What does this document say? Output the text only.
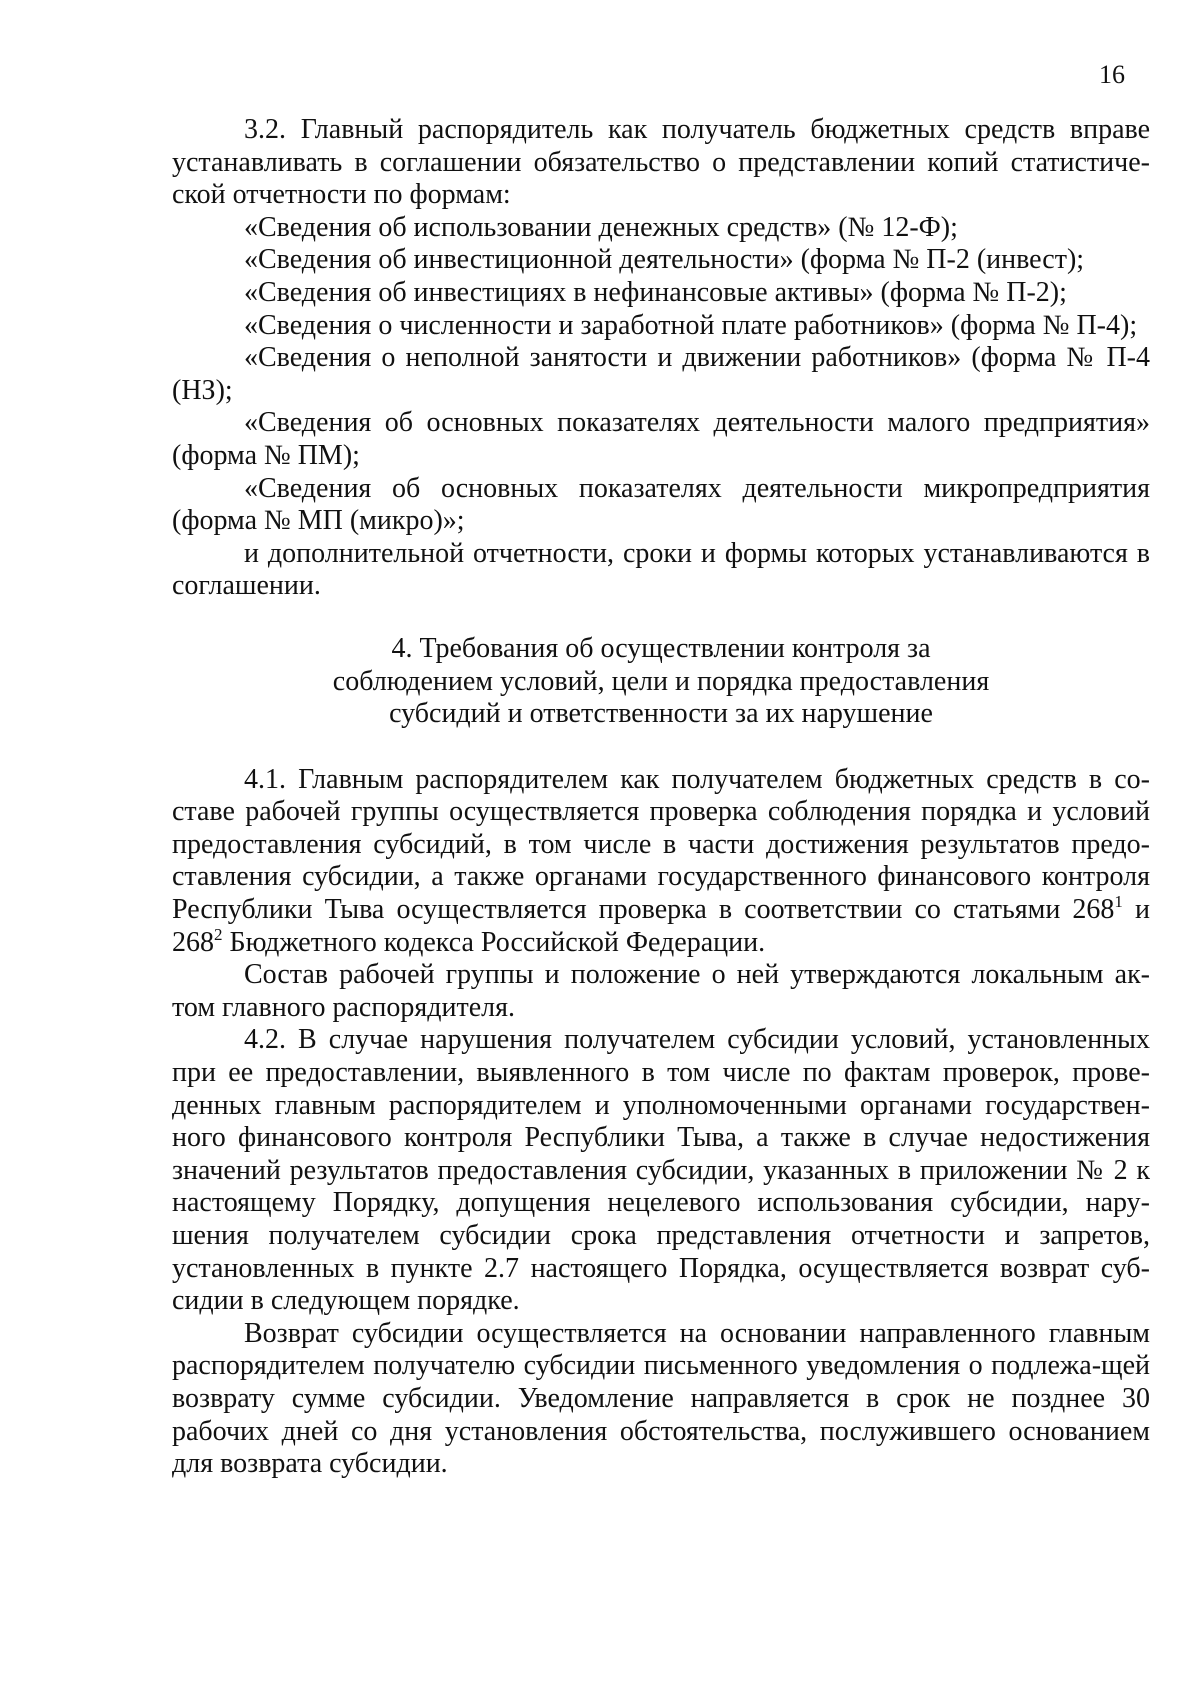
16

3.2. Главный распорядитель как получатель бюджетных средств вправе устанавливать в соглашении обязательство о представлении копий статистиче-ской отчетности по формам:

«Сведения об использовании денежных средств» (№ 12-Ф);

«Сведения об инвестиционной деятельности» (форма № П-2 (инвест);

«Сведения об инвестициях в нефинансовые активы» (форма № П-2);

«Сведения о численности и заработной плате работников» (форма № П-4);

«Сведения о неполной занятости и движении работников» (форма № П-4 (НЗ);

«Сведения об основных показателях деятельности малого предприятия» (форма № ПМ);

«Сведения об основных показателях деятельности микропредприятия (форма № МП (микро)»;

и дополнительной отчетности, сроки и формы которых устанавливаются в соглашении.

4. Требования об осуществлении контроля за
соблюдением условий, цели и порядка предоставления
субсидий и ответственности за их нарушение

4.1. Главным распорядителем как получателем бюджетных средств в со-ставе рабочей группы осуществляется проверка соблюдения порядка и условий предоставления субсидий, в том числе в части достижения результатов предо-ставления субсидии, а также органами государственного финансового контроля Республики Тыва осуществляется проверка в соответствии со статьями $268^1$ и $268^2$ Бюджетного кодекса Российской Федерации.

Состав рабочей группы и положение о ней утверждаются локальным ак-том главного распорядителя.

4.2. В случае нарушения получателем субсидии условий, установленных при ее предоставлении, выявленного в том числе по фактам проверок, прове-денных главным распорядителем и уполномоченными органами государствен-ного финансового контроля Республики Тыва, а также в случае недостижения значений результатов предоставления субсидии, указанных в приложении № 2 к настоящему Порядку, допущения нецелевого использования субсидии, нару-шения получателем субсидии срока представления отчетности и запретов, установленных в пункте 2.7 настоящего Порядка, осуществляется возврат суб-сидии в следующем порядке.

Возврат субсидии осуществляется на основании направленного главным распорядителем получателю субсидии письменного уведомления о подлежа-щей возврату сумме субсидии. Уведомление направляется в срок не позднее 30 рабочих дней со дня установления обстоятельства, послужившего основанием для возврата субсидии.
